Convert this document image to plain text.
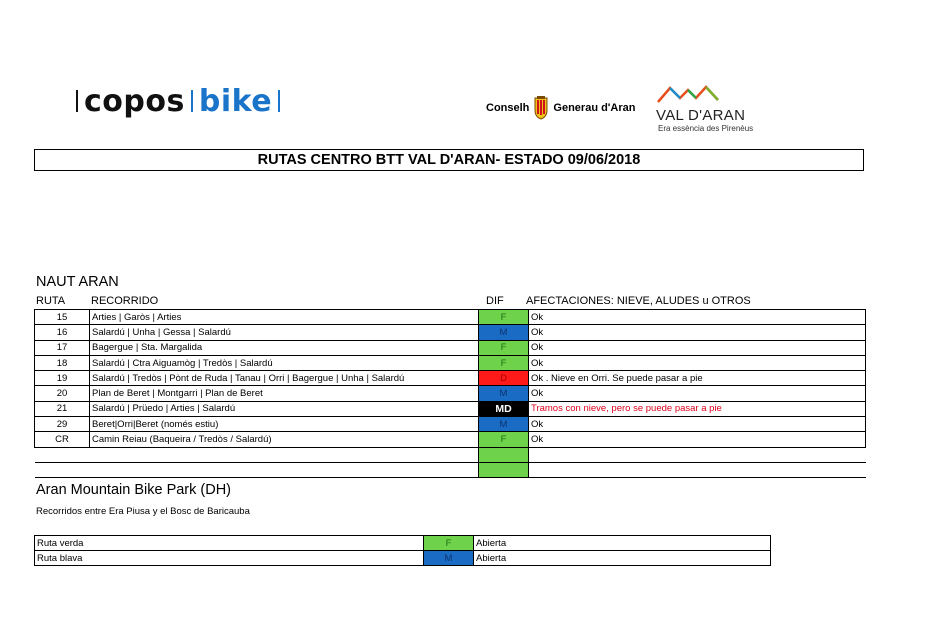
copos bike	Conselh Generau d'Aran VAL D'ARAN
Era essència des Pirenèus
RUTAS CENTRO BTT VAL D'ARAN- ESTADO 09/06/2018
NAUT ARAN
RUTA RECORRIDO	DIF AFECTACIONES: NIEVE, ALUDES u OTROS
15	Arties | Garòs | Arties	F	Ok
16	Salardú | Unha | Gessa | Salardú	M	Ok
17	Bagergue | Sta. Margalida	F	Ok
18	Salardú | Ctra Aiguamòg | Tredòs | Salardú	F	Ok
19	Salardú | Tredòs | Pònt de Ruda | Tanau | Orri | Bagergue | Unha | Salardú	D	Ok . Nieve en Orri. Se puede pasar a pie
20	Plan de Beret | Montgarri | Plan de Beret	M	Ok
21	Salardú | Prüedo | Arties | Salardú	MD	Tramos con nieve, pero se puede pasar a pie
29	Beret|Orri|Beret (només estiu)	M	Ok
CR	Camin Reiau (Baqueira / Tredòs / Salardú)	F	Ok

Aran Mountain Bike Park (DH)
Recorridos entre Era Piusa y el Bosc de Baricauba
Ruta verda	F	Abierta
Ruta blava	M	Abierta
